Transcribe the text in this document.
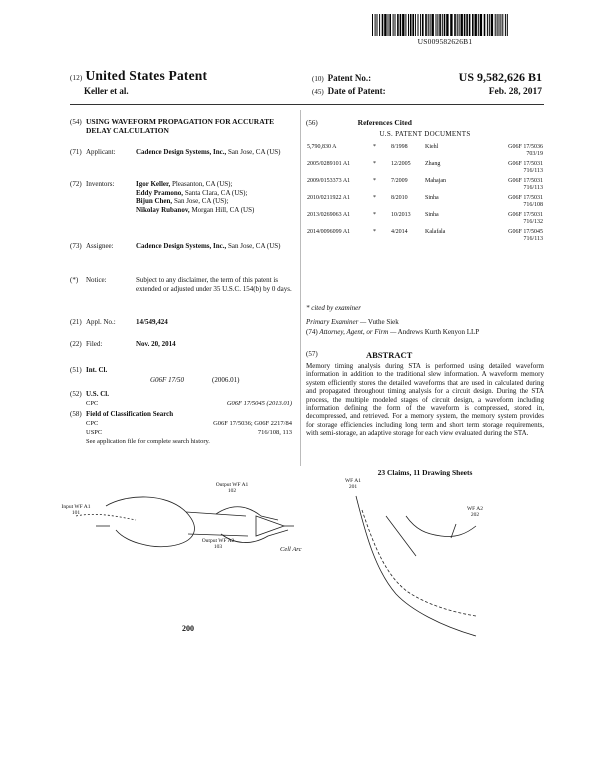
US009582626B1
(12) United States Patent
Keller et al.
(10) Patent No.:	US 9,582,626 B1
(45) Date of Patent:	Feb. 28, 2017
(54) USING WAVEFORM PROPAGATION FOR ACCURATE DELAY CALCULATION
(71) Applicant:	Cadence Design Systems, Inc., San Jose, CA (US)
(72) Inventors:	Igor Keller, Pleasanton, CA (US);
Eddy Pramono, Santa Clara, CA (US);
Bijun Chen, San Jose, CA (US);
Nikolay Rubanov, Morgan Hill, CA (US)
(73) Assignee:	Cadence Design Systems, Inc., San Jose, CA (US)
(*)	Notice:	Subject to any disclaimer, the term of this patent is extended or adjusted under 35 U.S.C. 154(b) by 0 days.
(21) Appl. No.:	14/549,424
(22) Filed:	Nov. 20, 2014
(51) Int. Cl.
G06F 17/50	(2006.01)
(52) U.S. Cl.
CPC	G06F 17/5045 (2013.01)
(58) Field of Classification Search
CPC	G06F 17/5036; G06F 2217/84
USPC	716/108, 113
See application file for complete search history.
(56)	References Cited
U.S. PATENT DOCUMENTS
5,790,830 A	*	8/1998	Kiehl	G06F 17/5036
703/19

2005/0289101 A1	*	12/2005	Zhang	G06F 17/5031
716/113

2009/0153373 A1	*	7/2009	Mahajan	G06F 17/5031
716/113

2010/0211922 A1	*	8/2010	Sinha	G06F 17/5031
716/108

2013/0269063 A1	*	10/2013	Sinha	G06F 17/5031
716/132

2014/0096099 A1	*	4/2014	Kalafala	G06F 17/5045
716/113
* cited by examiner
Primary Examiner — Vuthe Siek
(74) Attorney, Agent, or Firm — Andrews Kurth Kenyon LLP
(57)	ABSTRACT
Memory timing analysis during STA is performed using detailed waveform information in addition to the traditional slew information. A waveform memory system efficiently stores the detailed waveforms that are used in calculated during and propagated throughout timing analysis for a circuit design. During the STA process, the multiple modeled stages of circuit design, a waveform including information defining the form of the waveform is compressed, stored in, decompressed, and retrieved. For a memory system, the memory system provides for storage efficiencies including long term and short term storage requirements, with semi-storage, an adaptive storage for each view evaluated during the STA.
23 Claims, 11 Drawing Sheets
Input WF A1
101
Output WF A1
102
Output WF A2
103
WF A1
201
WF A2
202
Cell Arc
200
